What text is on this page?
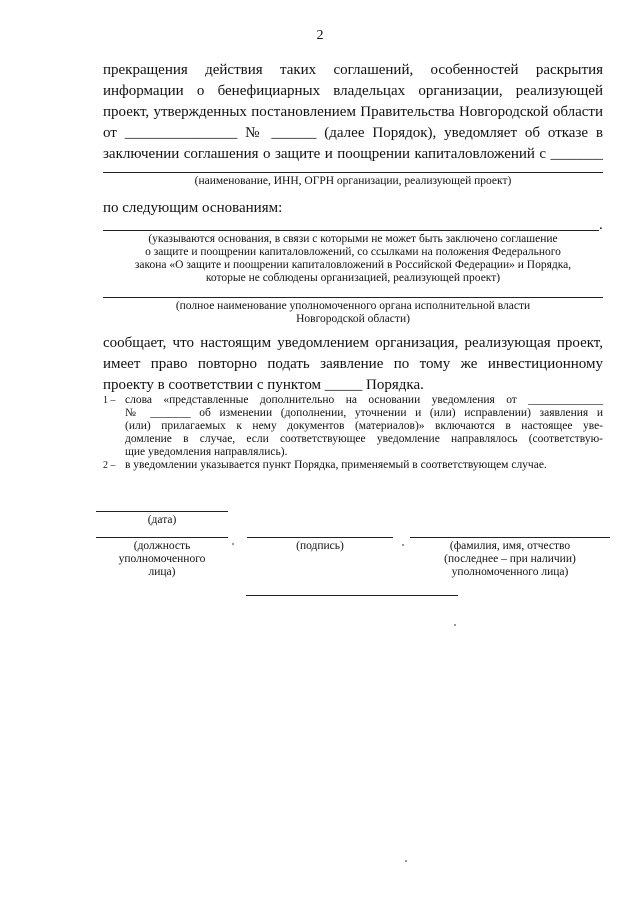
2
прекращения действия таких соглашений, особенностей раскрытия
информации о бенефициарных владельцах организации, реализующей
проект, утвержденных постановлением Правительства Новгородской области
от _______________ № ______ (далее Порядок), уведомляет об отказе в
заключении соглашения о защите и поощрении капиталовложений с _______
(наименование, ИНН, ОГРН организации, реализующей проект)
по следующим основаниям:
.
(указываются основания, в связи с которыми не может быть заключено соглашение
о защите и поощрении капиталовложений, со ссылками на положения Федерального
закона «О защите и поощрении капиталовложений в Российской Федерации» и Порядка,
которые не соблюдены организацией, реализующей проект)
(полное наименование уполномоченного органа исполнительной власти
Новгородской области)
сообщает, что настоящим уведомлением организация, реализующая проект,
имеет право повторно подать заявление по тому же инвестиционному
проекту в соответствии с пунктом _____ Порядка.
1 – слова «представленные дополнительно на основании уведомления от _____________
№ _______ об изменении (дополнении, уточнении и (или) исправлении) заявления и
(или) прилагаемых к нему документов (материалов)» включаются в настоящее уве-
домление в случае, если соответствующее уведомление направлялось (соответствую-
щие уведомления направлялись).
2 – в уведомлении указывается пункт Порядка, применяемый в соответствующем случае.
(дата)
(должность
уполномоченного
лица)
(подпись)	(фамилия, имя, отчество
(последнее – при наличии)
уполномоченного лица)
